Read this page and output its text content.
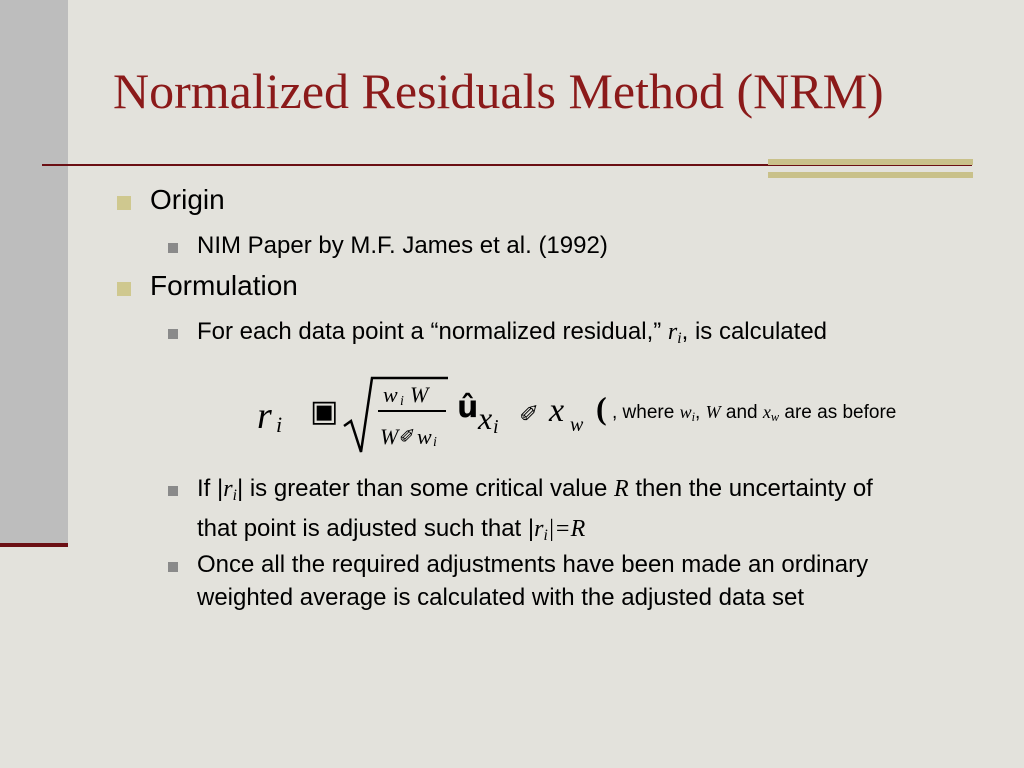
Normalized Residuals Method (NRM)
Origin
NIM Paper by M.F. James et al. (1992)
Formulation
For each data point a “normalized residual,” $r_i$, is calculated
r i ▣ w i W
W ✐ w i
û x i ✐ x w ( , where $w_i$, W and $x_w$ are as before
If $|r_i|$ is greater than some critical value R then the uncertainty of that point is adjusted such that $|r_i|=R$
Once all the required adjustments have been made an ordinary weighted average is calculated with the adjusted data set
